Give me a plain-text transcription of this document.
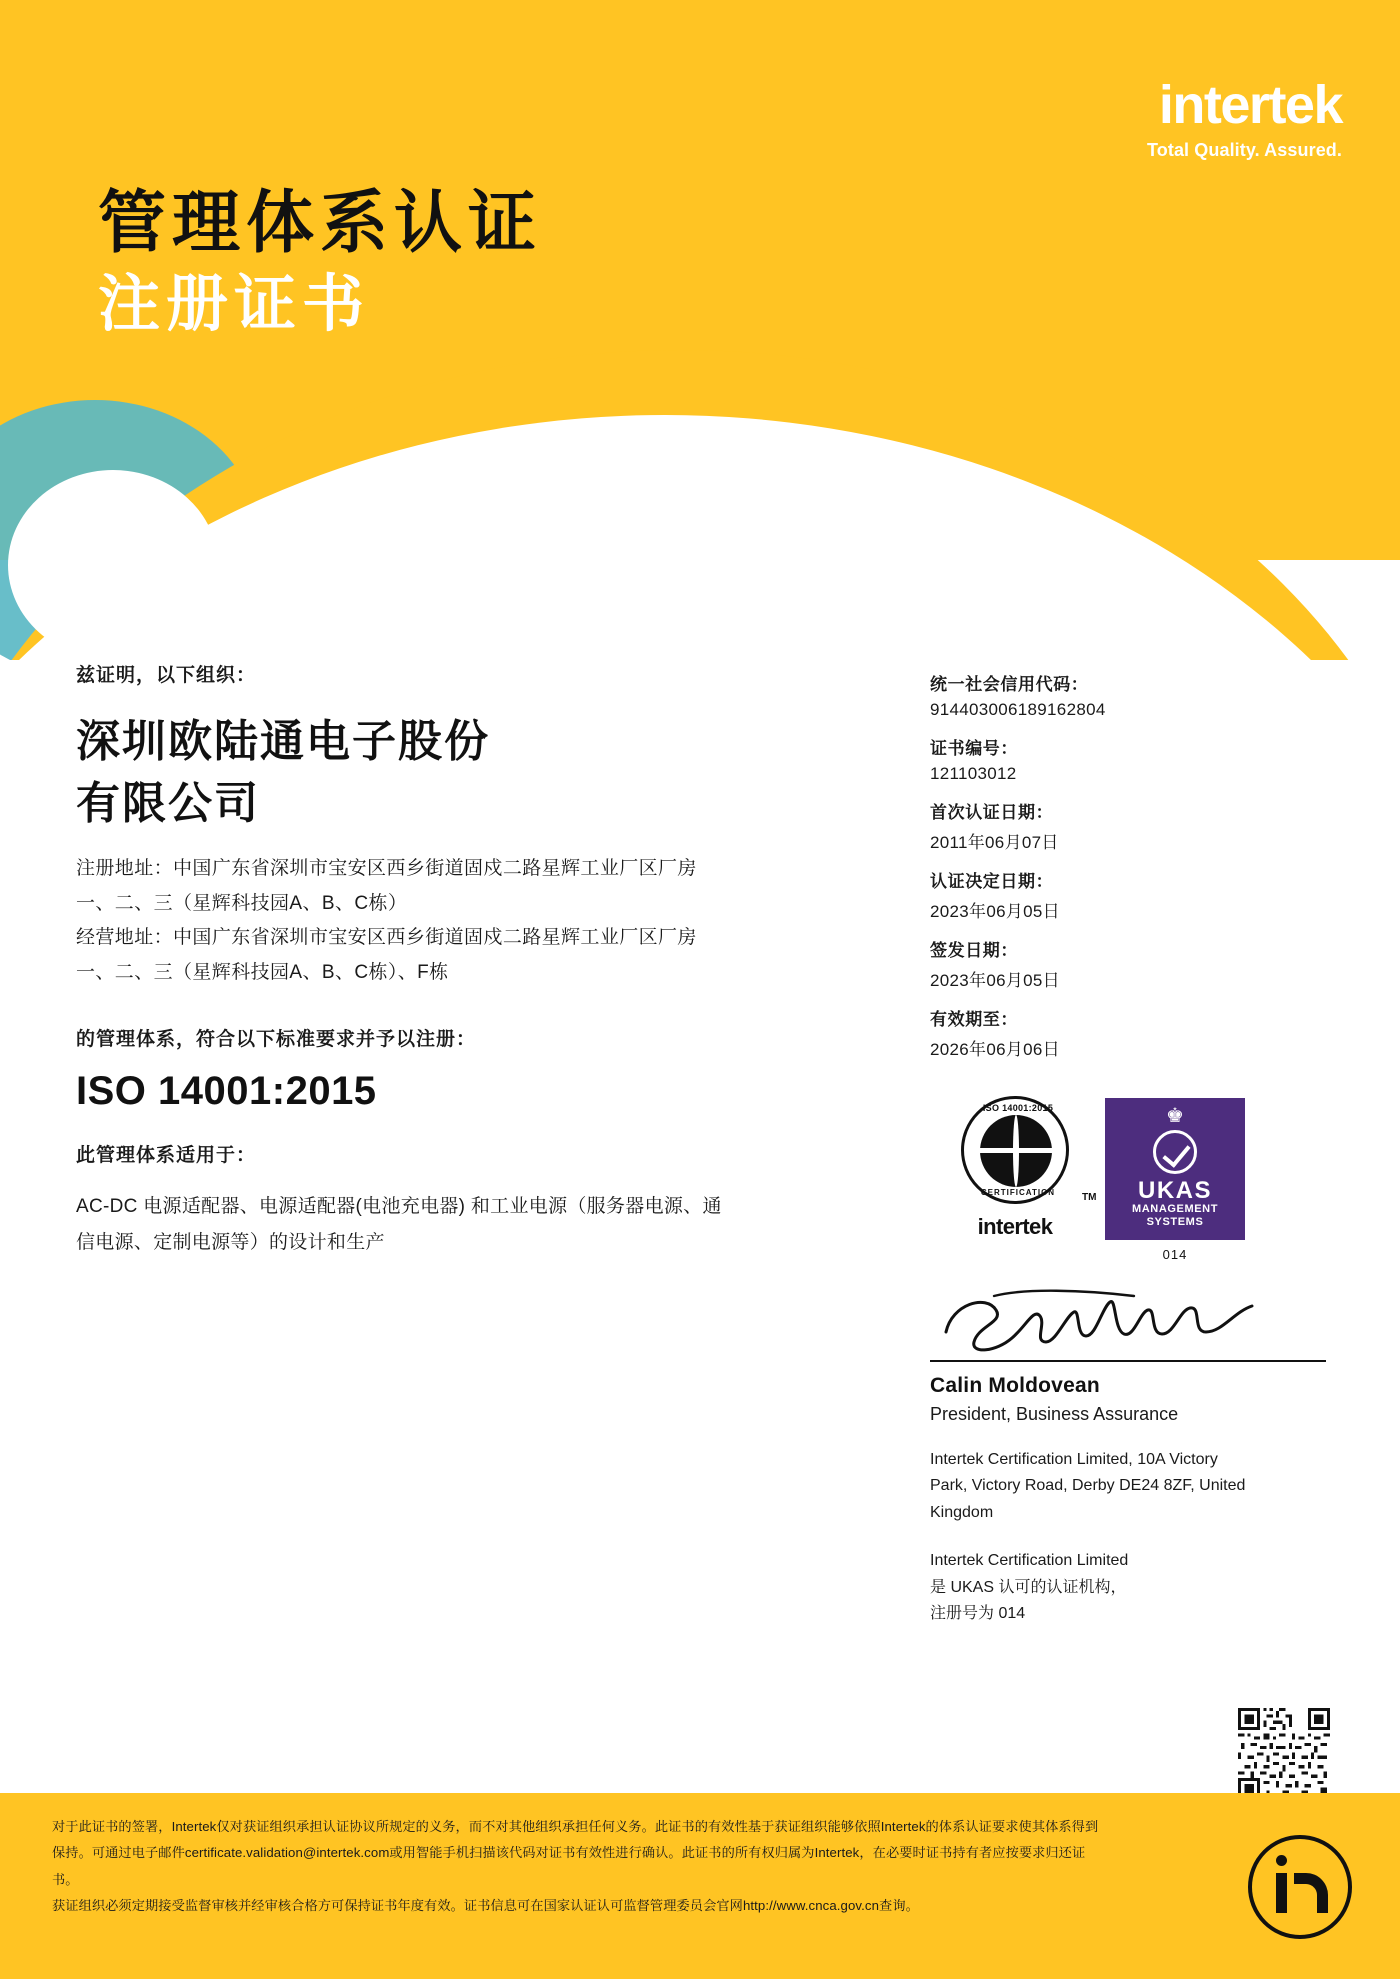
intertek
Total Quality. Assured.
管理体系认证
注册证书
兹证明，以下组织：
深圳欧陆通电子股份
有限公司
注册地址：中国广东省深圳市宝安区西乡街道固戍二路星辉工业厂区厂房
一、二、三（星辉科技园A、B、C栋）
经营地址：中国广东省深圳市宝安区西乡街道固戍二路星辉工业厂区厂房
一、二、三（星辉科技园A、B、C栋）、F栋
的管理体系，符合以下标准要求并予以注册：
ISO 14001:2015
此管理体系适用于：
AC-DC 电源适配器、电源适配器(电池充电器) 和工业电源（服务器电源、通
信电源、定制电源等）的设计和生产
统一社会信用代码：
914403006189162804
证书编号：
121103012
首次认证日期：
2011年06月07日
认证决定日期：
2023年06月05日
签发日期：
2023年06月05日
有效期至：
2026年06月06日
ISO 14001:2015
CERTIFICATION
intertek
TM
♚
UKAS
MANAGEMENT
SYSTEMS
014
Calin Moldovean
President, Business Assurance
Intertek Certification Limited, 10A Victory
Park, Victory Road, Derby DE24 8ZF, United
Kingdom
Intertek Certification Limited
是 UKAS 认可的认证机构，
注册号为 014

对于此证书的签署，Intertek仅对获证组织承担认证协议所规定的义务，而不对其他组织承担任何义务。此证书的有效性基于获证组织能够依照Intertek的体系认证要求使其体系得到

保持。可通过电子邮件certificate.validation@intertek.com或用智能手机扫描该代码对证书有效性进行确认。此证书的所有权归属为Intertek，在必要时证书持有者应按要求归还证

书。

获证组织必须定期接受监督审核并经审核合格方可保持证书年度有效。证书信息可在国家认证认可监督管理委员会官网http://www.cnca.gov.cn查询。
